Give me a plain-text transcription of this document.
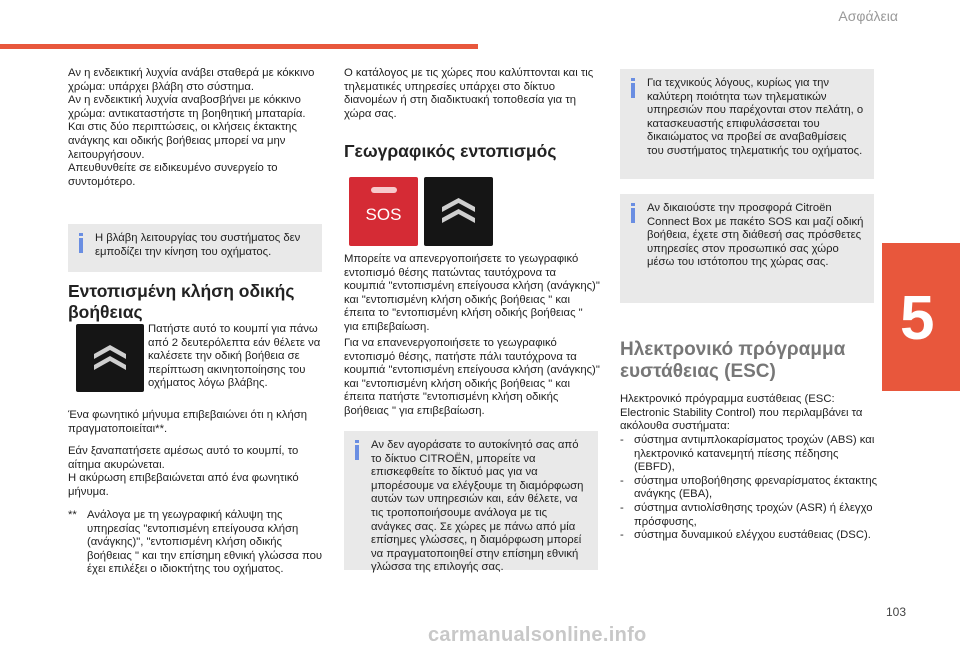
Ασφάλεια
Αν η ενδεικτική λυχνία ανάβει σταθερά με κόκκινο χρώμα: υπάρχει βλάβη στο σύστημα.
Αν η ενδεικτική λυχνία αναβοσβήνει με κόκκινο χρώμα: αντικαταστήστε τη βοηθητική μπαταρία.
Και στις δύο περιπτώσεις, οι κλήσεις έκτακτης ανάγκης και οδικής βοήθειας μπορεί να μην λειτουργήσουν.
Απευθυνθείτε σε ειδικευμένο συνεργείο το συντομότερο.
Η βλάβη λειτουργίας του συστήματος δεν εμποδίζει την κίνηση του οχήματος.
Εντοπισμένη κλήση οδικής βοήθειας
Πατήστε αυτό το κουμπί για πάνω από 2 δευτερόλεπτα εάν θέλετε να καλέσετε την οδική βοήθεια σε περίπτωση ακινητοποίησης του οχήματος λόγω βλάβης.
Ένα φωνητικό μήνυμα επιβεβαιώνει ότι η κλήση πραγματοποιείται**.
Εάν ξαναπατήσετε αμέσως αυτό το κουμπί, το αίτημα ακυρώνεται.
Η ακύρωση επιβεβαιώνεται από ένα φωνητικό μήνυμα.
** Ανάλογα με τη γεωγραφική κάλυψη της υπηρεσίας "εντοπισμένη επείγουσα κλήση (ανάγκης)", "εντοπισμένη κλήση οδικής βοήθειας " και την επίσημη εθνική γλώσσα που έχει επιλέξει ο ιδιοκτήτης του οχήματος.
Ο κατάλογος με τις χώρες που καλύπτονται και τις τηλεματικές υπηρεσίες υπάρχει στο δίκτυο διανομέων ή στη διαδικτυακή τοποθεσία για τη χώρα σας.
Γεωγραφικός εντοπισμός
SOS
Μπορείτε να απενεργοποιήσετε το γεωγραφικό εντοπισμό θέσης πατώντας ταυτόχρονα τα κουμπιά "εντοπισμένη επείγουσα κλήση (ανάγκης)" και "εντοπισμένη κλήση οδικής βοήθειας " και έπειτα το "εντοπισμένη κλήση οδικής βοήθειας " για επιβεβαίωση.
Για να επανενεργοποιήσετε το γεωγραφικό εντοπισμό θέσης, πατήστε πάλι ταυτόχρονα τα κουμπιά "εντοπισμένη επείγουσα κλήση (ανάγκης)" και "εντοπισμένη κλήση οδικής βοήθειας " και έπειτα πατήστε "εντοπισμένη κλήση οδικής βοήθειας " για επιβεβαίωση.
Αν δεν αγοράσατε το αυτοκίνητό σας από το δίκτυο CITROËN, μπορείτε να επισκεφθείτε το δίκτυό μας για να μπορέσουμε να ελέγξουμε τη διαμόρφωση αυτών των υπηρεσιών και, εάν θέλετε, να τις τροποποιήσουμε ανάλογα με τις ανάγκες σας. Σε χώρες με πάνω από μία επίσημες γλώσσες, η διαμόρφωση μπορεί να πραγματοποιηθεί στην επίσημη εθνική γλώσσα της επιλογής σας.
Για τεχνικούς λόγους, κυρίως για την καλύτερη ποιότητα των τηλεματικών υπηρεσιών που παρέχονται στον πελάτη, ο κατασκευαστής επιφυλάσσεται του δικαιώματος να προβεί σε αναβαθμίσεις του συστήματος τηλεματικής του οχήματος.
Αν δικαιούστε την προσφορά Citroën Connect Box με πακέτο SOS και μαζί οδική βοήθεια, έχετε στη διάθεσή σας πρόσθετες υπηρεσίες στον προσωπικό σας χώρο μέσω του ιστότοπου της χώρας σας.
Ηλεκτρονικό πρόγραμμα ευστάθειας (ESC)
Ηλεκτρονικό πρόγραμμα ευστάθειας (ESC: Electronic Stability Control) που περιλαμβάνει τα ακόλουθα συστήματα:
- σύστημα αντιμπλοκαρίσματος τροχών (ABS) και ηλεκτρονικό κατανεμητή πίεσης πέδησης (EBFD),
- σύστημα υποβοήθησης φρεναρίσματος έκτακτης ανάγκης (EBA),
- σύστημα αντιολίσθησης τροχών (ASR) ή έλεγχο πρόσφυσης,
- σύστημα δυναμικού ελέγχου ευστάθειας (DSC).
5
103
carmanualsonline.info
